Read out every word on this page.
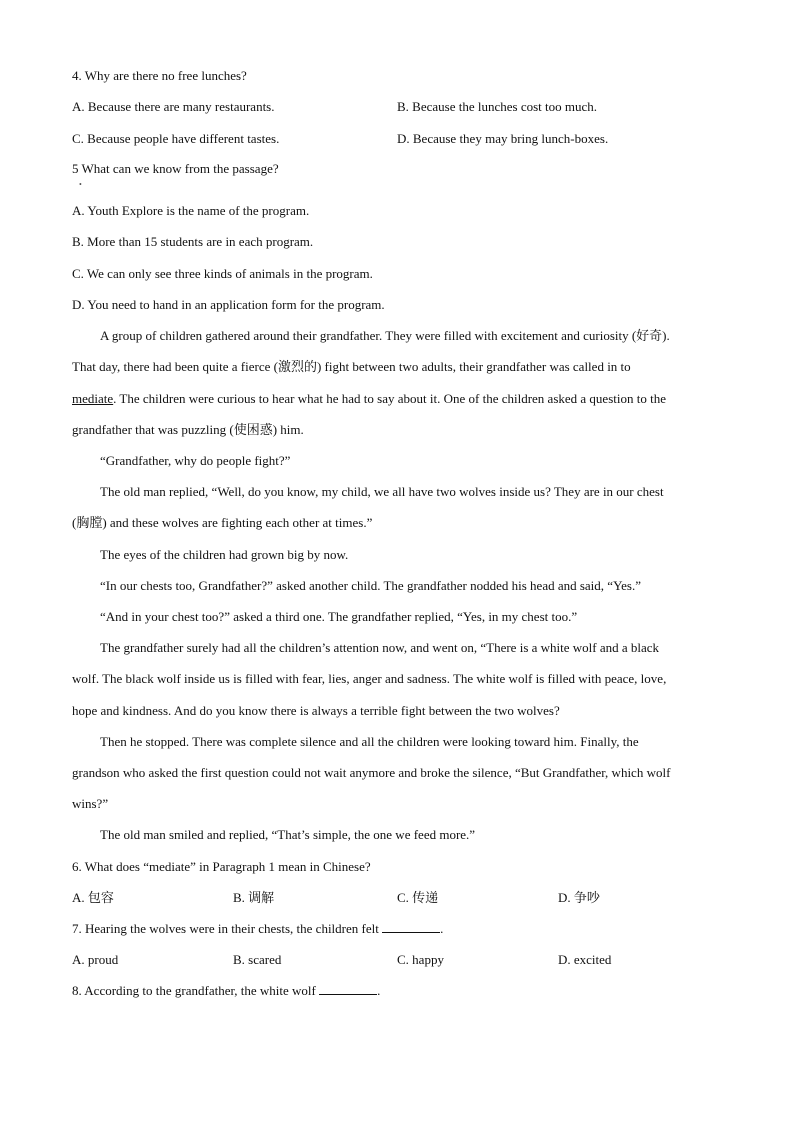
4. Why are there no free lunches?
A. Because there are many restaurants.	B. Because the lunches cost too much.
C. Because people have different tastes.	D. Because they may bring lunch-boxes.
5 What can we know from the passage?
•
A. Youth Explore is the name of the program.
B. More than 15 students are in each program.
C. We can only see three kinds of animals in the program.
D. You need to hand in an application form for the program.
A group of children gathered around their grandfather. They were filled with excitement and curiosity (好奇).
That day, there had been quite a fierce (激烈的) fight between two adults, their grandfather was called in to
mediate. The children were curious to hear what he had to say about it. One of the children asked a question to the
grandfather that was puzzling (使困惑) him.
“Grandfather, why do people fight?”
The old man replied, “Well, do you know, my child, we all have two wolves inside us? They are in our chest
(胸膛) and these wolves are fighting each other at times.”
The eyes of the children had grown big by now.
“In our chests too, Grandfather?” asked another child. The grandfather nodded his head and said, “Yes.”
“And in your chest too?” asked a third one. The grandfather replied, “Yes, in my chest too.”
The grandfather surely had all the children’s attention now, and went on, “There is a white wolf and a black
wolf. The black wolf inside us is filled with fear, lies, anger and sadness. The white wolf is filled with peace, love,
hope and kindness. And do you know there is always a terrible fight between the two wolves?
Then he stopped. There was complete silence and all the children were looking toward him. Finally, the
grandson who asked the first question could not wait anymore and broke the silence, “But Grandfather, which wolf
wins?”
The old man smiled and replied, “That’s simple, the one we feed more.”
6. What does “mediate” in Paragraph 1 mean in Chinese?
A. 包容	B. 调解	C. 传递	D. 争吵
7. Hearing the wolves were in their chests, the children felt	.
A. proud	B. scared	C. happy	D. excited
8. According to the grandfather, the white wolf	.
